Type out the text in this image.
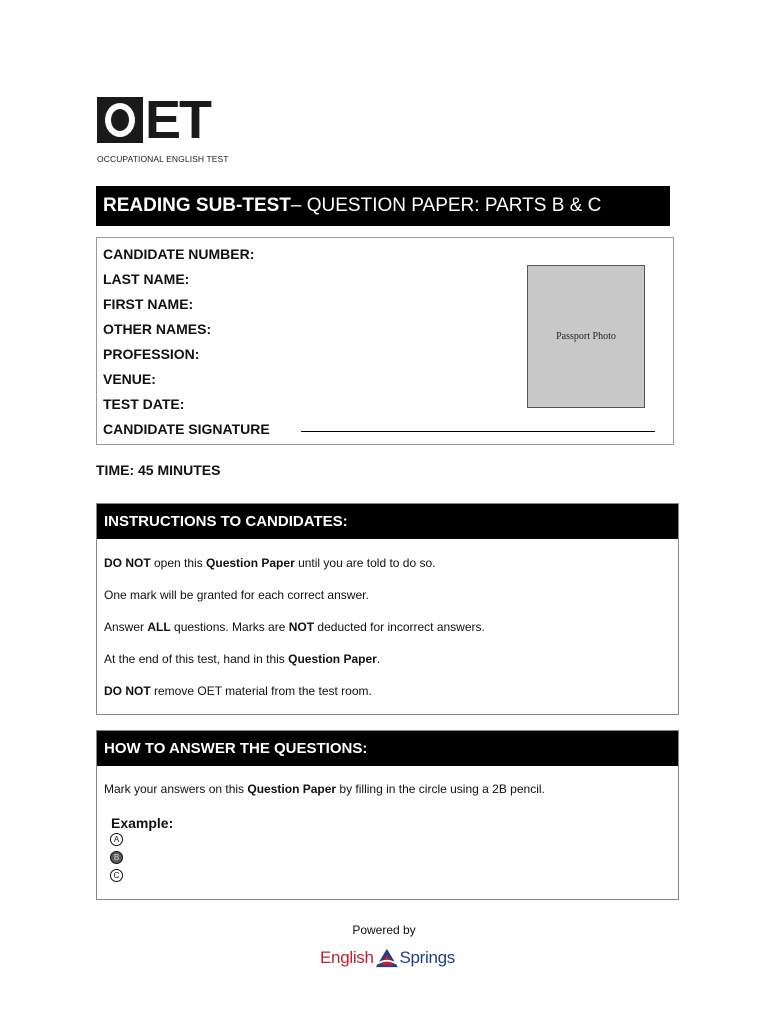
ET
OCCUPATIONAL ENGLISH TEST
READING SUB-TEST – QUESTION PAPER: PARTS B & C
CANDIDATE NUMBER:
LAST NAME:
FIRST NAME:
OTHER NAMES:
PROFESSION:
VENUE:
TEST DATE:
CANDIDATE SIGNATURE
Passport Photo
TIME: 45 MINUTES
INSTRUCTIONS TO CANDIDATES:
DO NOT open this Question Paper until you are told to do so.
One mark will be granted for each correct answer.
Answer ALL questions. Marks are NOT deducted for incorrect answers.
At the end of this test, hand in this Question Paper.
DO NOT remove OET material from the test room.
HOW TO ANSWER THE QUESTIONS:
Mark your answers on this Question Paper by filling in the circle using a 2B pencil.
Example:
A
B
C
Powered by
English Springs
